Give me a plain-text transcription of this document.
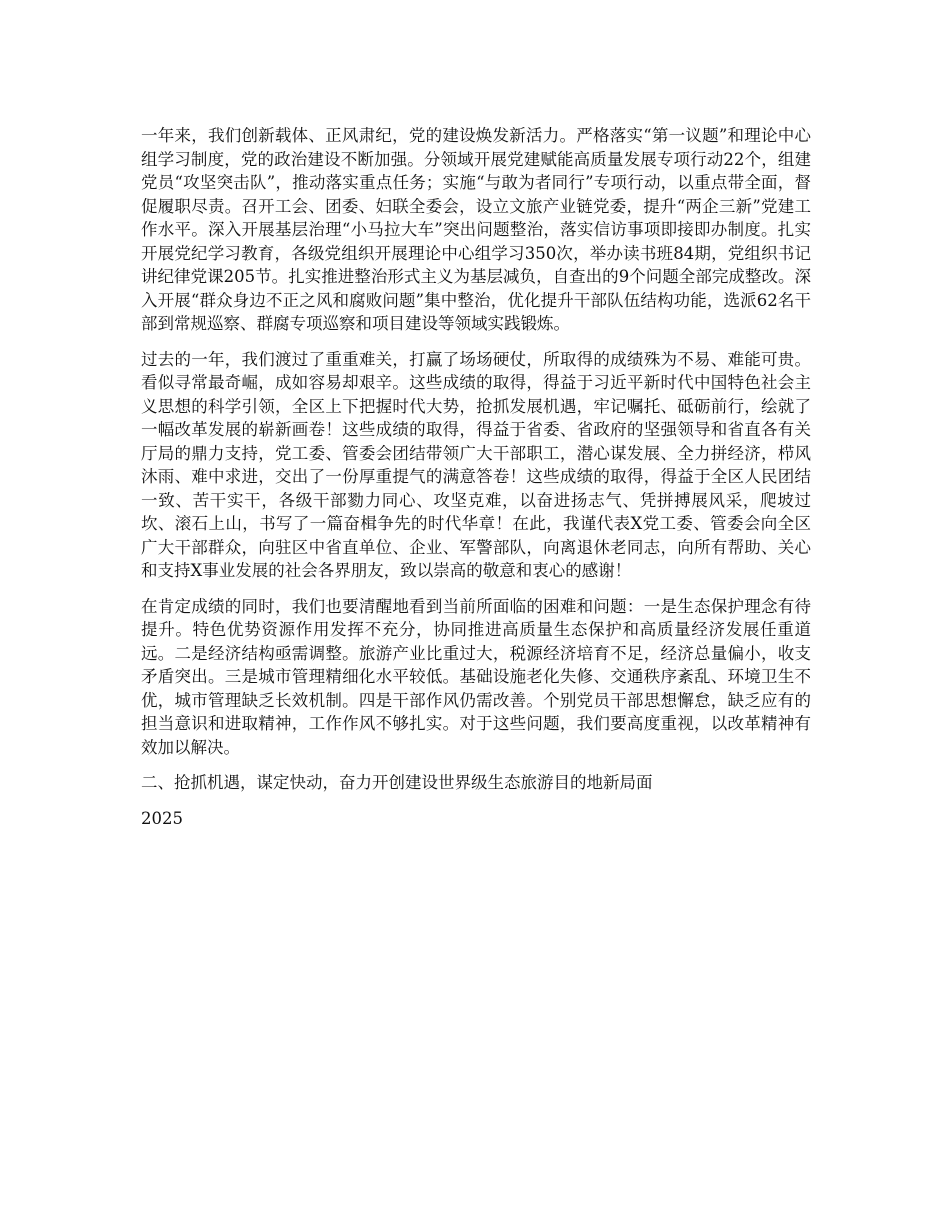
一年来，我们创新载体、正风肃纪，党的建设焕发新活力。严格落实“第一议题”和理论中心组学习制度，党的政治建设不断加强。分领域开展党建赋能高质量发展专项行动22个，组建党员“攻坚突击队”，推动落实重点任务；实施“与敢为者同行”专项行动，以重点带全面，督促履职尽责。召开工会、团委、妇联全委会，设立文旅产业链党委，提升“两企三新”党建工作水平。深入开展基层治理“小马拉大车”突出问题整治，落实信访事项即接即办制度。扎实开展党纪学习教育，各级党组织开展理论中心组学习350次，举办读书班84期，党组织书记讲纪律党课205节。扎实推进整治形式主义为基层减负，自查出的9个问题全部完成整改。深入开展“群众身边不正之风和腐败问题”集中整治，优化提升干部队伍结构功能，选派62名干部到常规巡察、群腐专项巡察和项目建设等领域实践锻炼。

过去的一年，我们渡过了重重难关，打赢了场场硬仗，所取得的成绩殊为不易、难能可贵。看似寻常最奇崛，成如容易却艰辛。这些成绩的取得，得益于习近平新时代中国特色社会主义思想的科学引领，全区上下把握时代大势，抢抓发展机遇，牢记嘱托、砥砺前行，绘就了一幅改革发展的崭新画卷！这些成绩的取得，得益于省委、省政府的坚强领导和省直各有关厅局的鼎力支持，党工委、管委会团结带领广大干部职工，潜心谋发展、全力拼经济，栉风沐雨、难中求进，交出了一份厚重提气的满意答卷！这些成绩的取得，得益于全区人民团结一致、苦干实干，各级干部勠力同心、攻坚克难，以奋进扬志气、凭拼搏展风采，爬坡过坎、滚石上山，书写了一篇奋楫争先的时代华章！在此，我谨代表X党工委、管委会向全区广大干部群众，向驻区中省直单位、企业、军警部队，向离退休老同志，向所有帮助、关心和支持X事业发展的社会各界朋友，致以崇高的敬意和衷心的感谢！

在肯定成绩的同时，我们也要清醒地看到当前所面临的困难和问题：一是生态保护理念有待提升。特色优势资源作用发挥不充分，协同推进高质量生态保护和高质量经济发展任重道远。二是经济结构亟需调整。旅游产业比重过大，税源经济培育不足，经济总量偏小，收支矛盾突出。三是城市管理精细化水平较低。基础设施老化失修、交通秩序紊乱、环境卫生不优，城市管理缺乏长效机制。四是干部作风仍需改善。个别党员干部思想懈怠，缺乏应有的担当意识和进取精神，工作作风不够扎实。对于这些问题，我们要高度重视，以改革精神有效加以解决。

二、抢抓机遇，谋定快动，奋力开创建设世界级生态旅游目的地新局面

2025
